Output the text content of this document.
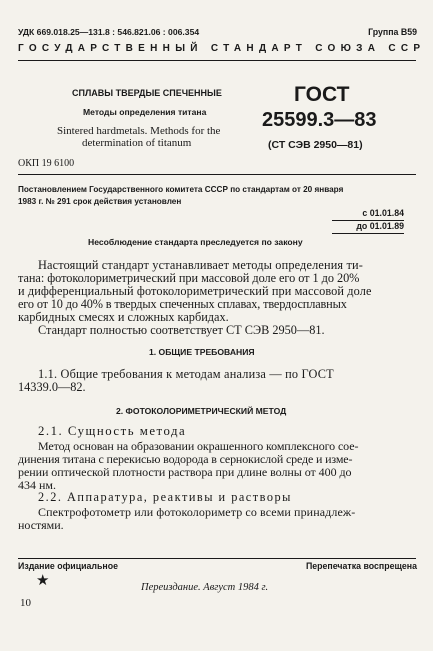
УДК 669.018.25—131.8 : 546.821.06 : 006.354	Группа В59
ГОСУДАРСТВЕННЫЙ СТАНДАРТ СОЮЗА ССР
СПЛАВЫ ТВЕРДЫЕ СПЕЧЕННЫЕ
Методы определения титана
Sintered hardmetals. Methods for the
determination of titanum
ГОСТ
25599.3—83
(СТ СЭВ 2950—81)
ОКП 19 6100
Постановлением Государственного комитета СССР по стандартам от 20 января
1983 г. № 291 срок действия установлен
с 01.01.84
до 01.01.89
Несоблюдение стандарта преследуется по закону
Настоящий стандарт устанавливает методы определения ти-
тана: фотоколориметрический при массовой доле его от 1 до 20%
и дифференциальный фотоколориметрический при массовой доле
его от 10 до 40% в твердых спеченных сплавах, твердосплавных
карбидных смесях и сложных карбидах.
Стандарт полностью соответствует СТ СЭВ 2950—81.
1. ОБЩИЕ ТРЕБОВАНИЯ
1.1. Общие требования к методам анализа — по ГОСТ
14339.0—82.
2. ФОТОКОЛОРИМЕТРИЧЕСКИЙ МЕТОД
2.1. Сущность метода
Метод основан на образовании окрашенного комплексного сое-
динения титана с перекисью водорода в сернокислой среде и изме-
рении оптической плотности раствора при длине волны от 400 до
434 нм.
2.2. Аппаратура, реактивы и растворы
Спектрофотометр или фотоколориметр со всеми принадлеж-
ностями.
Издание официальное
★
Перепечатка воспрещена
Переиздание. Август 1984 г.
10
